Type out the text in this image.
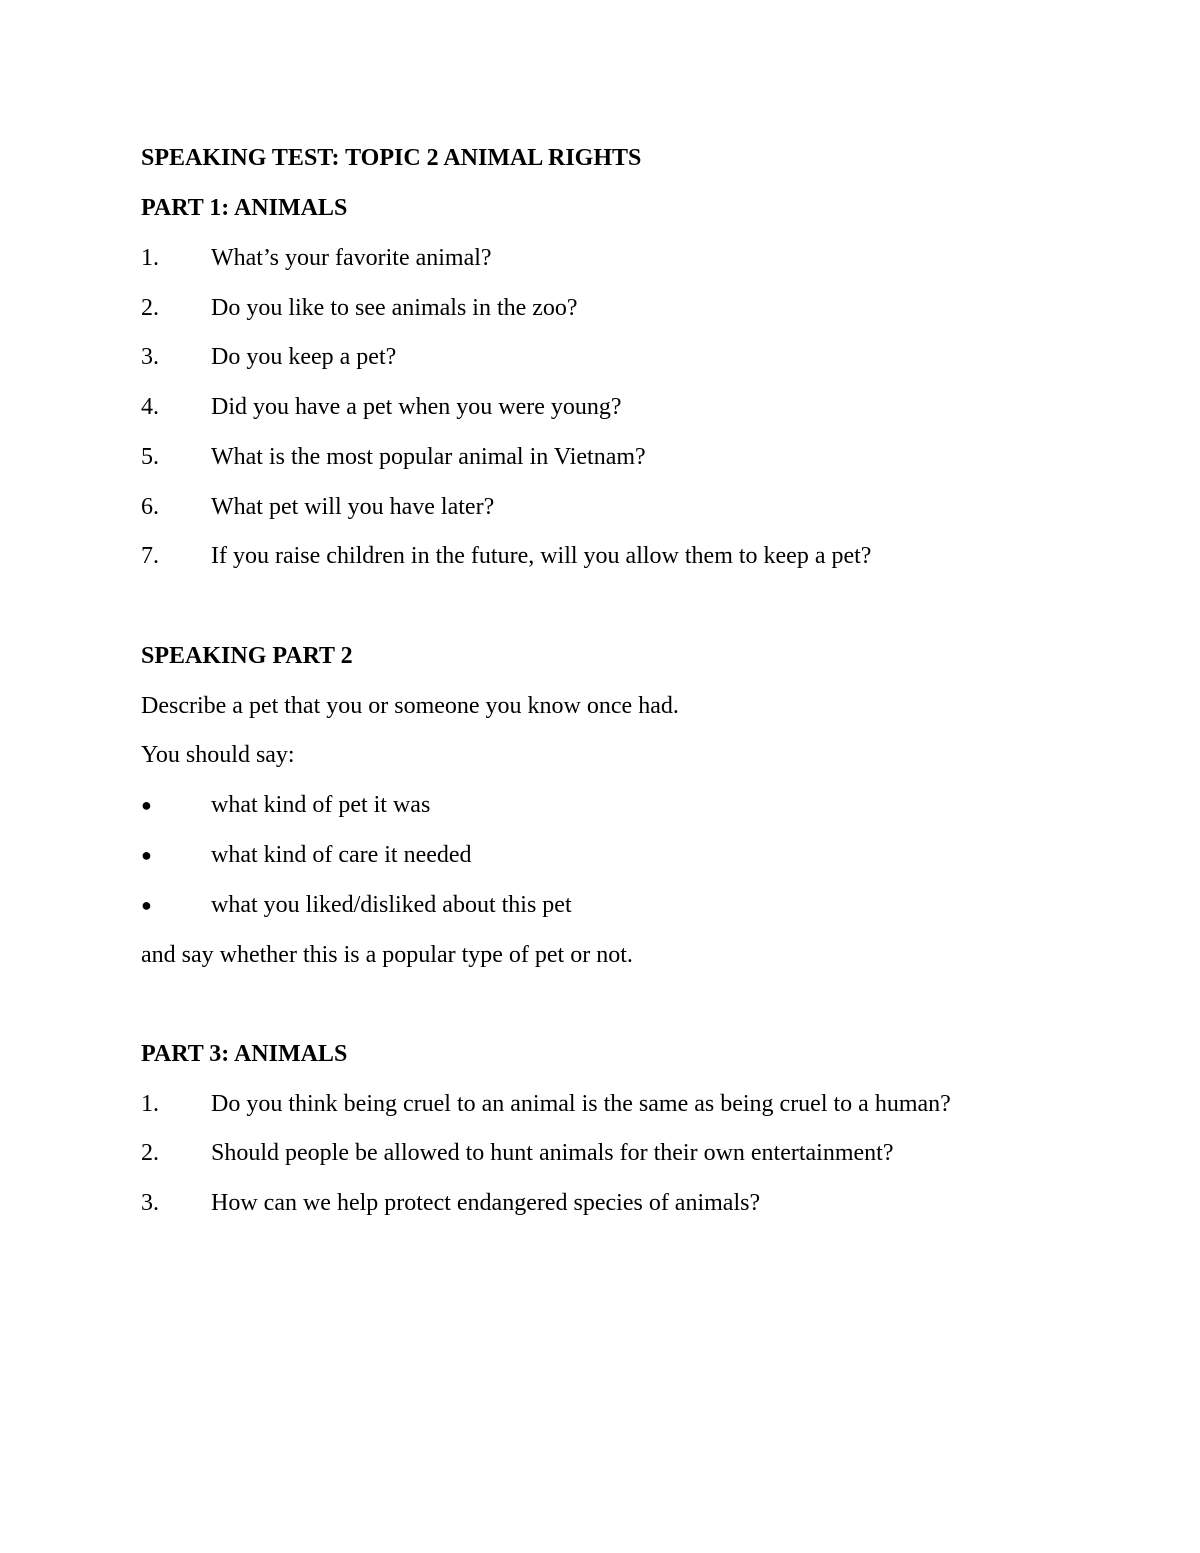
SPEAKING TEST: TOPIC 2 ANIMAL RIGHTS
PART 1: ANIMALS
1. What’s your favorite animal?
2. Do you like to see animals in the zoo?
3. Do you keep a pet?
4. Did you have a pet when you were young?
5. What is the most popular animal in Vietnam?
6. What pet will you have later?
7. If you raise children in the future, will you allow them to keep a pet?
SPEAKING PART 2
Describe a pet that you or someone you know once had.
You should say:
● what kind of pet it was
● what kind of care it needed
● what you liked/disliked about this pet
and say whether this is a popular type of pet or not.
PART 3: ANIMALS
1. Do you think being cruel to an animal is the same as being cruel to a human?
2. Should people be allowed to hunt animals for their own entertainment?
3. How can we help protect endangered species of animals?
